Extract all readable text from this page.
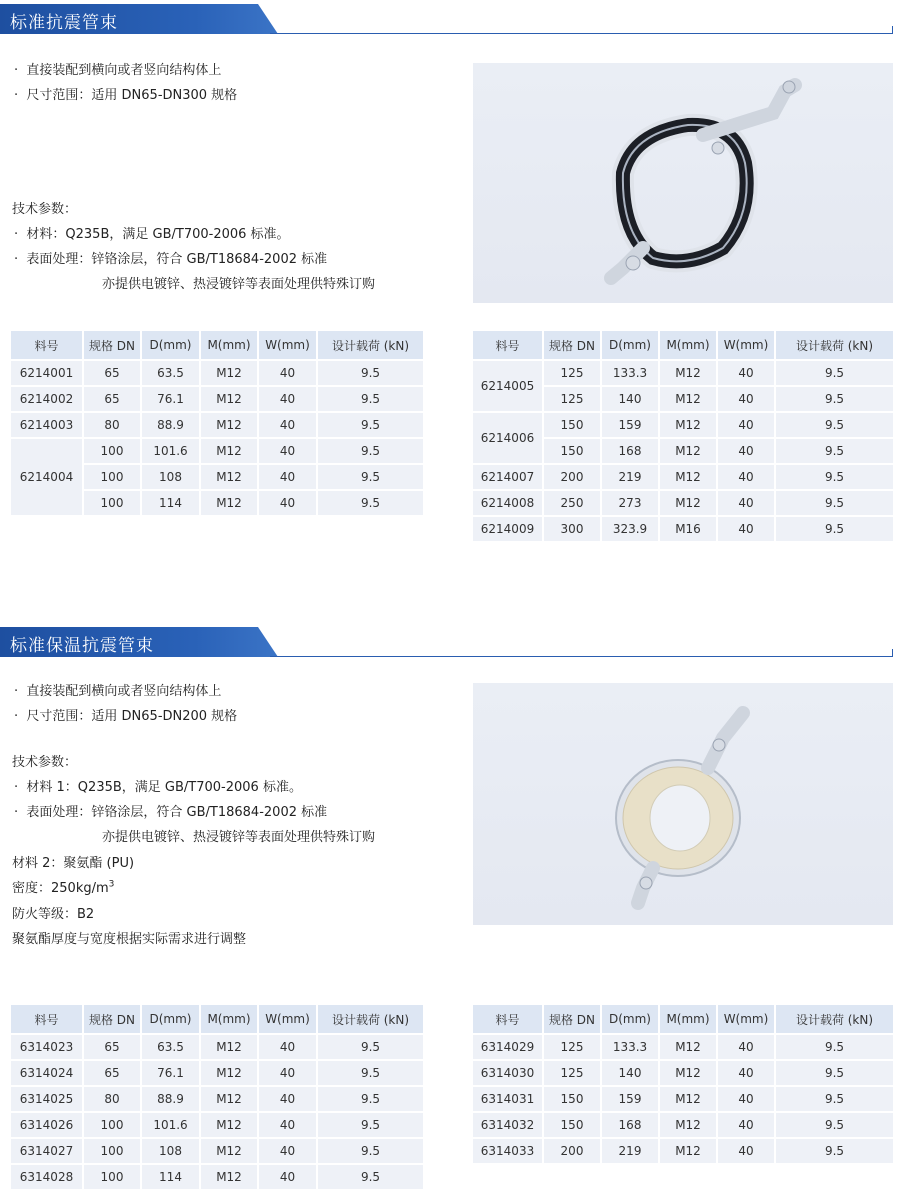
标准抗震管束
·  直接装配到横向或者竖向结构体上
·  尺寸范围：适用 DN65-DN300 规格
技术参数：
·  材料：Q235B，满足 GB/T700-2006 标准。
·  表面处理：锌铬涂层，符合 GB/T18684-2002 标准
亦提供电镀锌、热浸镀锌等表面处理供特殊订购
料号	规格 DN	D(mm)	M(mm)	W(mm)	设计载荷 (kN)
6214001	65	63.5	M12	40	9.5
6214002	65	76.1	M12	40	9.5
6214003	80	88.9	M12	40	9.5
6214004	100	101.6	M12	40	9.5
	100	108	M12	40	9.5
	100	114	M12	40	9.5
料号	规格 DN	D(mm)	M(mm)	W(mm)	设计载荷 (kN)
6214005	125	133.3	M12	40	9.5
	125	140	M12	40	9.5
6214006	150	159	M12	40	9.5
	150	168	M12	40	9.5
6214007	200	219	M12	40	9.5
6214008	250	273	M12	40	9.5
6214009	300	323.9	M16	40	9.5
标准保温抗震管束
·  直接装配到横向或者竖向结构体上
·  尺寸范围：适用 DN65-DN200 规格
技术参数：
·  材料 1：Q235B，满足 GB/T700-2006 标准。
·  表面处理：锌铬涂层，符合 GB/T18684-2002 标准
亦提供电镀锌、热浸镀锌等表面处理供特殊订购
材料 2：聚氨酯 (PU)
密度：$250kg/m^3$
防火等级：B2
聚氨酯厚度与宽度根据实际需求进行调整
料号	规格 DN	D(mm)	M(mm)	W(mm)	设计载荷 (kN)
6314023	65	63.5	M12	40	9.5
6314024	65	76.1	M12	40	9.5
6314025	80	88.9	M12	40	9.5
6314026	100	101.6	M12	40	9.5
6314027	100	108	M12	40	9.5
6314028	100	114	M12	40	9.5
料号	规格 DN	D(mm)	M(mm)	W(mm)	设计载荷 (kN)
6314029	125	133.3	M12	40	9.5
6314030	125	140	M12	40	9.5
6314031	150	159	M12	40	9.5
6314032	150	168	M12	40	9.5
6314033	200	219	M12	40	9.5
